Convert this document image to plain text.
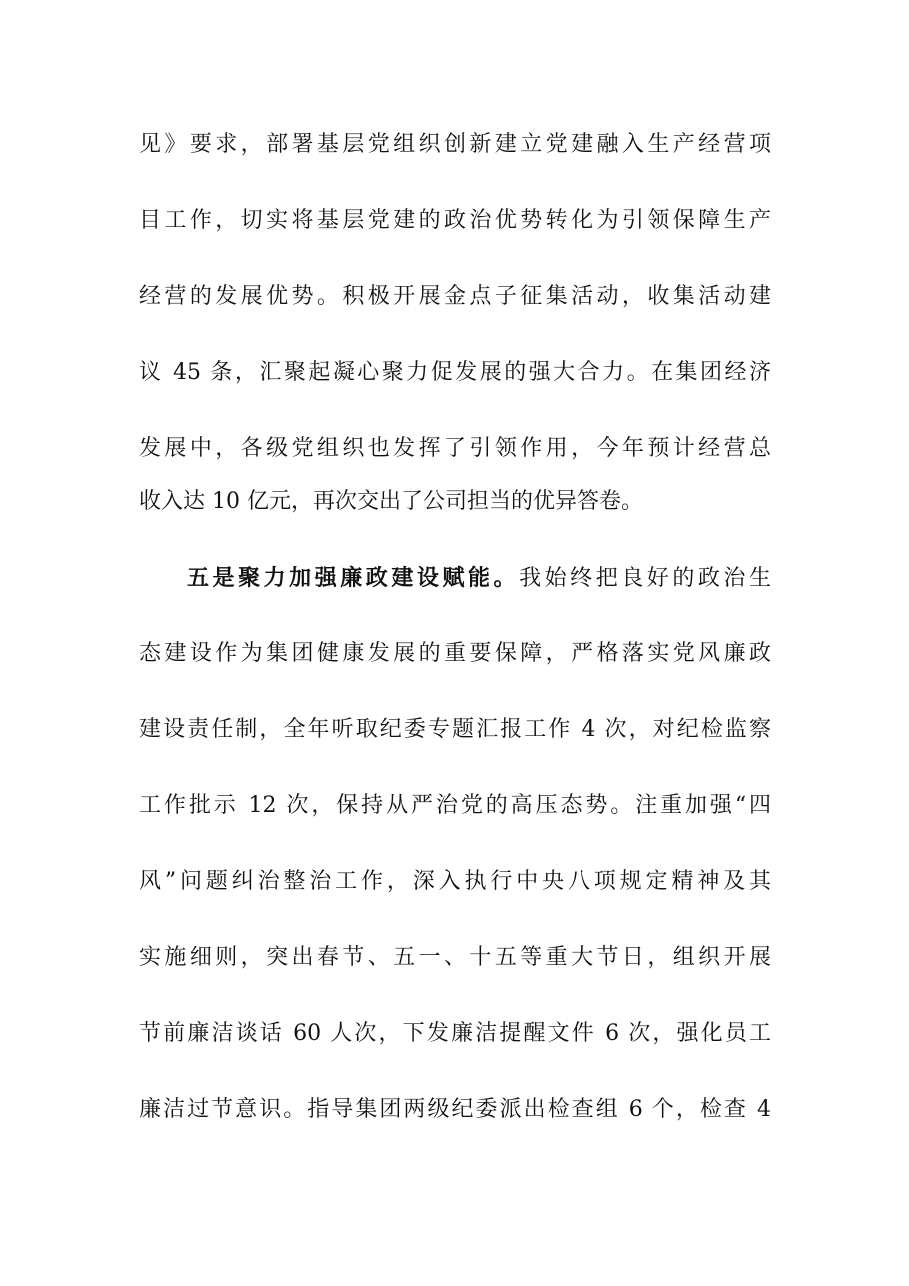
见》要求，部署基层党组织创新建立党建融入生产经营项
目工作，切实将基层党建的政治优势转化为引领保障生产
经营的发展优势。积极开展金点子征集活动，收集活动建
议 45 条，汇聚起凝心聚力促发展的强大合力。在集团经济
发展中，各级党组织也发挥了引领作用，今年预计经营总
收入达 10 亿元，再次交出了公司担当的优异答卷。
五是聚力加强廉政建设赋能。我始终把良好的政治生
态建设作为集团健康发展的重要保障，严格落实党风廉政
建设责任制，全年听取纪委专题汇报工作 4 次，对纪检监察
工作批示 12 次，保持从严治党的高压态势。注重加强“四
风”问题纠治整治工作，深入执行中央八项规定精神及其
实施细则，突出春节、五一、十五等重大节日，组织开展
节前廉洁谈话 60 人次，下发廉洁提醒文件 6 次，强化员工
廉洁过节意识。指导集团两级纪委派出检查组 6 个，检查 4
